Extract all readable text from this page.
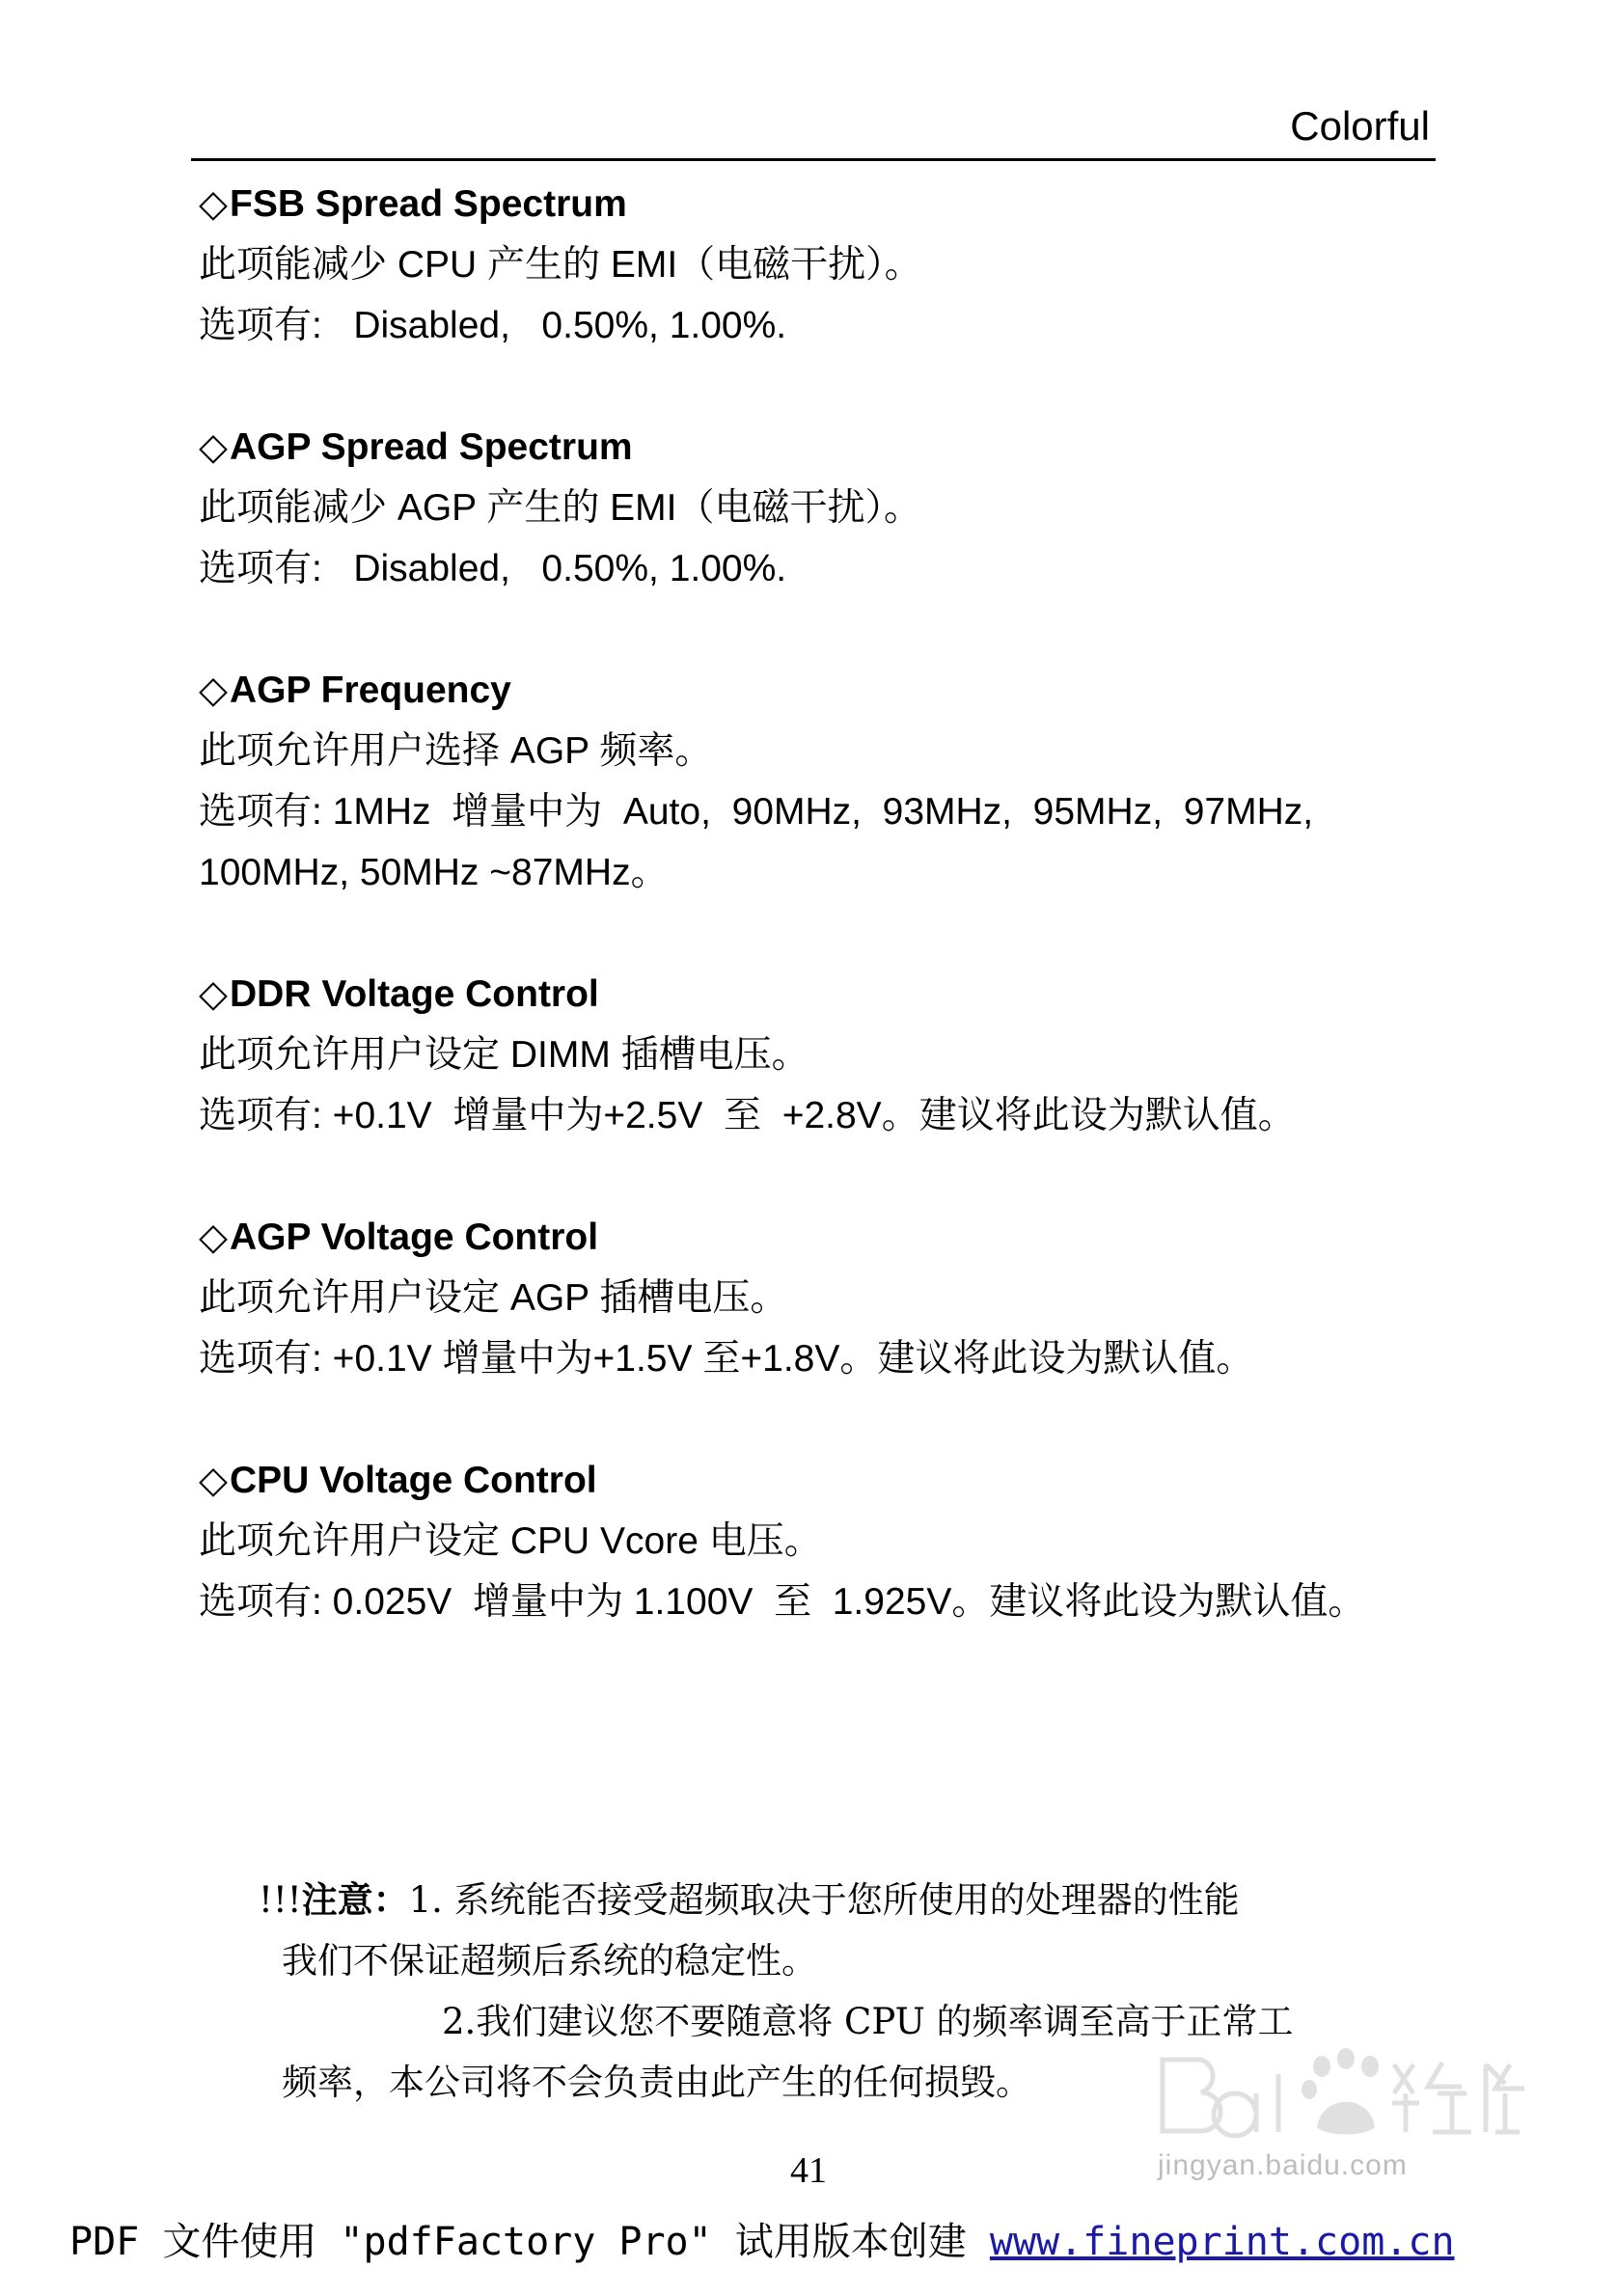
Colorful
◇ FSB Spread Spectrum
此项能减少 CPU 产生的 EMI（电磁干扰）。
选项有:   Disabled,   0.50%, 1.00%.
◇ AGP Spread Spectrum
此项能减少 AGP 产生的 EMI（电磁干扰）。
选项有:   Disabled,   0.50%, 1.00%.
◇ AGP Frequency
此项允许用户选择 AGP 频率。
选项有: 1MHz  增量中为  Auto,  90MHz,  93MHz,  95MHz,  97MHz,
100MHz, 50MHz ~87MHz。
◇ DDR Voltage Control
此项允许用户设定 DIMM 插槽电压。
选项有: +0.1V  增量中为+2.5V  至  +2.8V。建议将此设为默认值。
◇ AGP Voltage Control
此项允许用户设定 AGP 插槽电压。
选项有: +0.1V 增量中为+1.5V 至+1.8V。建议将此设为默认值。
◇ CPU Voltage Control
此项允许用户设定 CPU Vcore 电压。
选项有: 0.025V  增量中为 1.100V  至  1.925V。建议将此设为默认值。
!!!注意：1. 系统能否接受超频取决于您所使用的处理器的性能
我们不保证超频后系统的稳定性。
2.我们建议您不要随意将 CPU 的频率调至高于正常工
频率，本公司将不会负责由此产生的任何损毁。
41	jingyan.baidu.com
PDF 文件使用 "pdfFactory Pro" 试用版本创建 www.fineprint.com.cn
